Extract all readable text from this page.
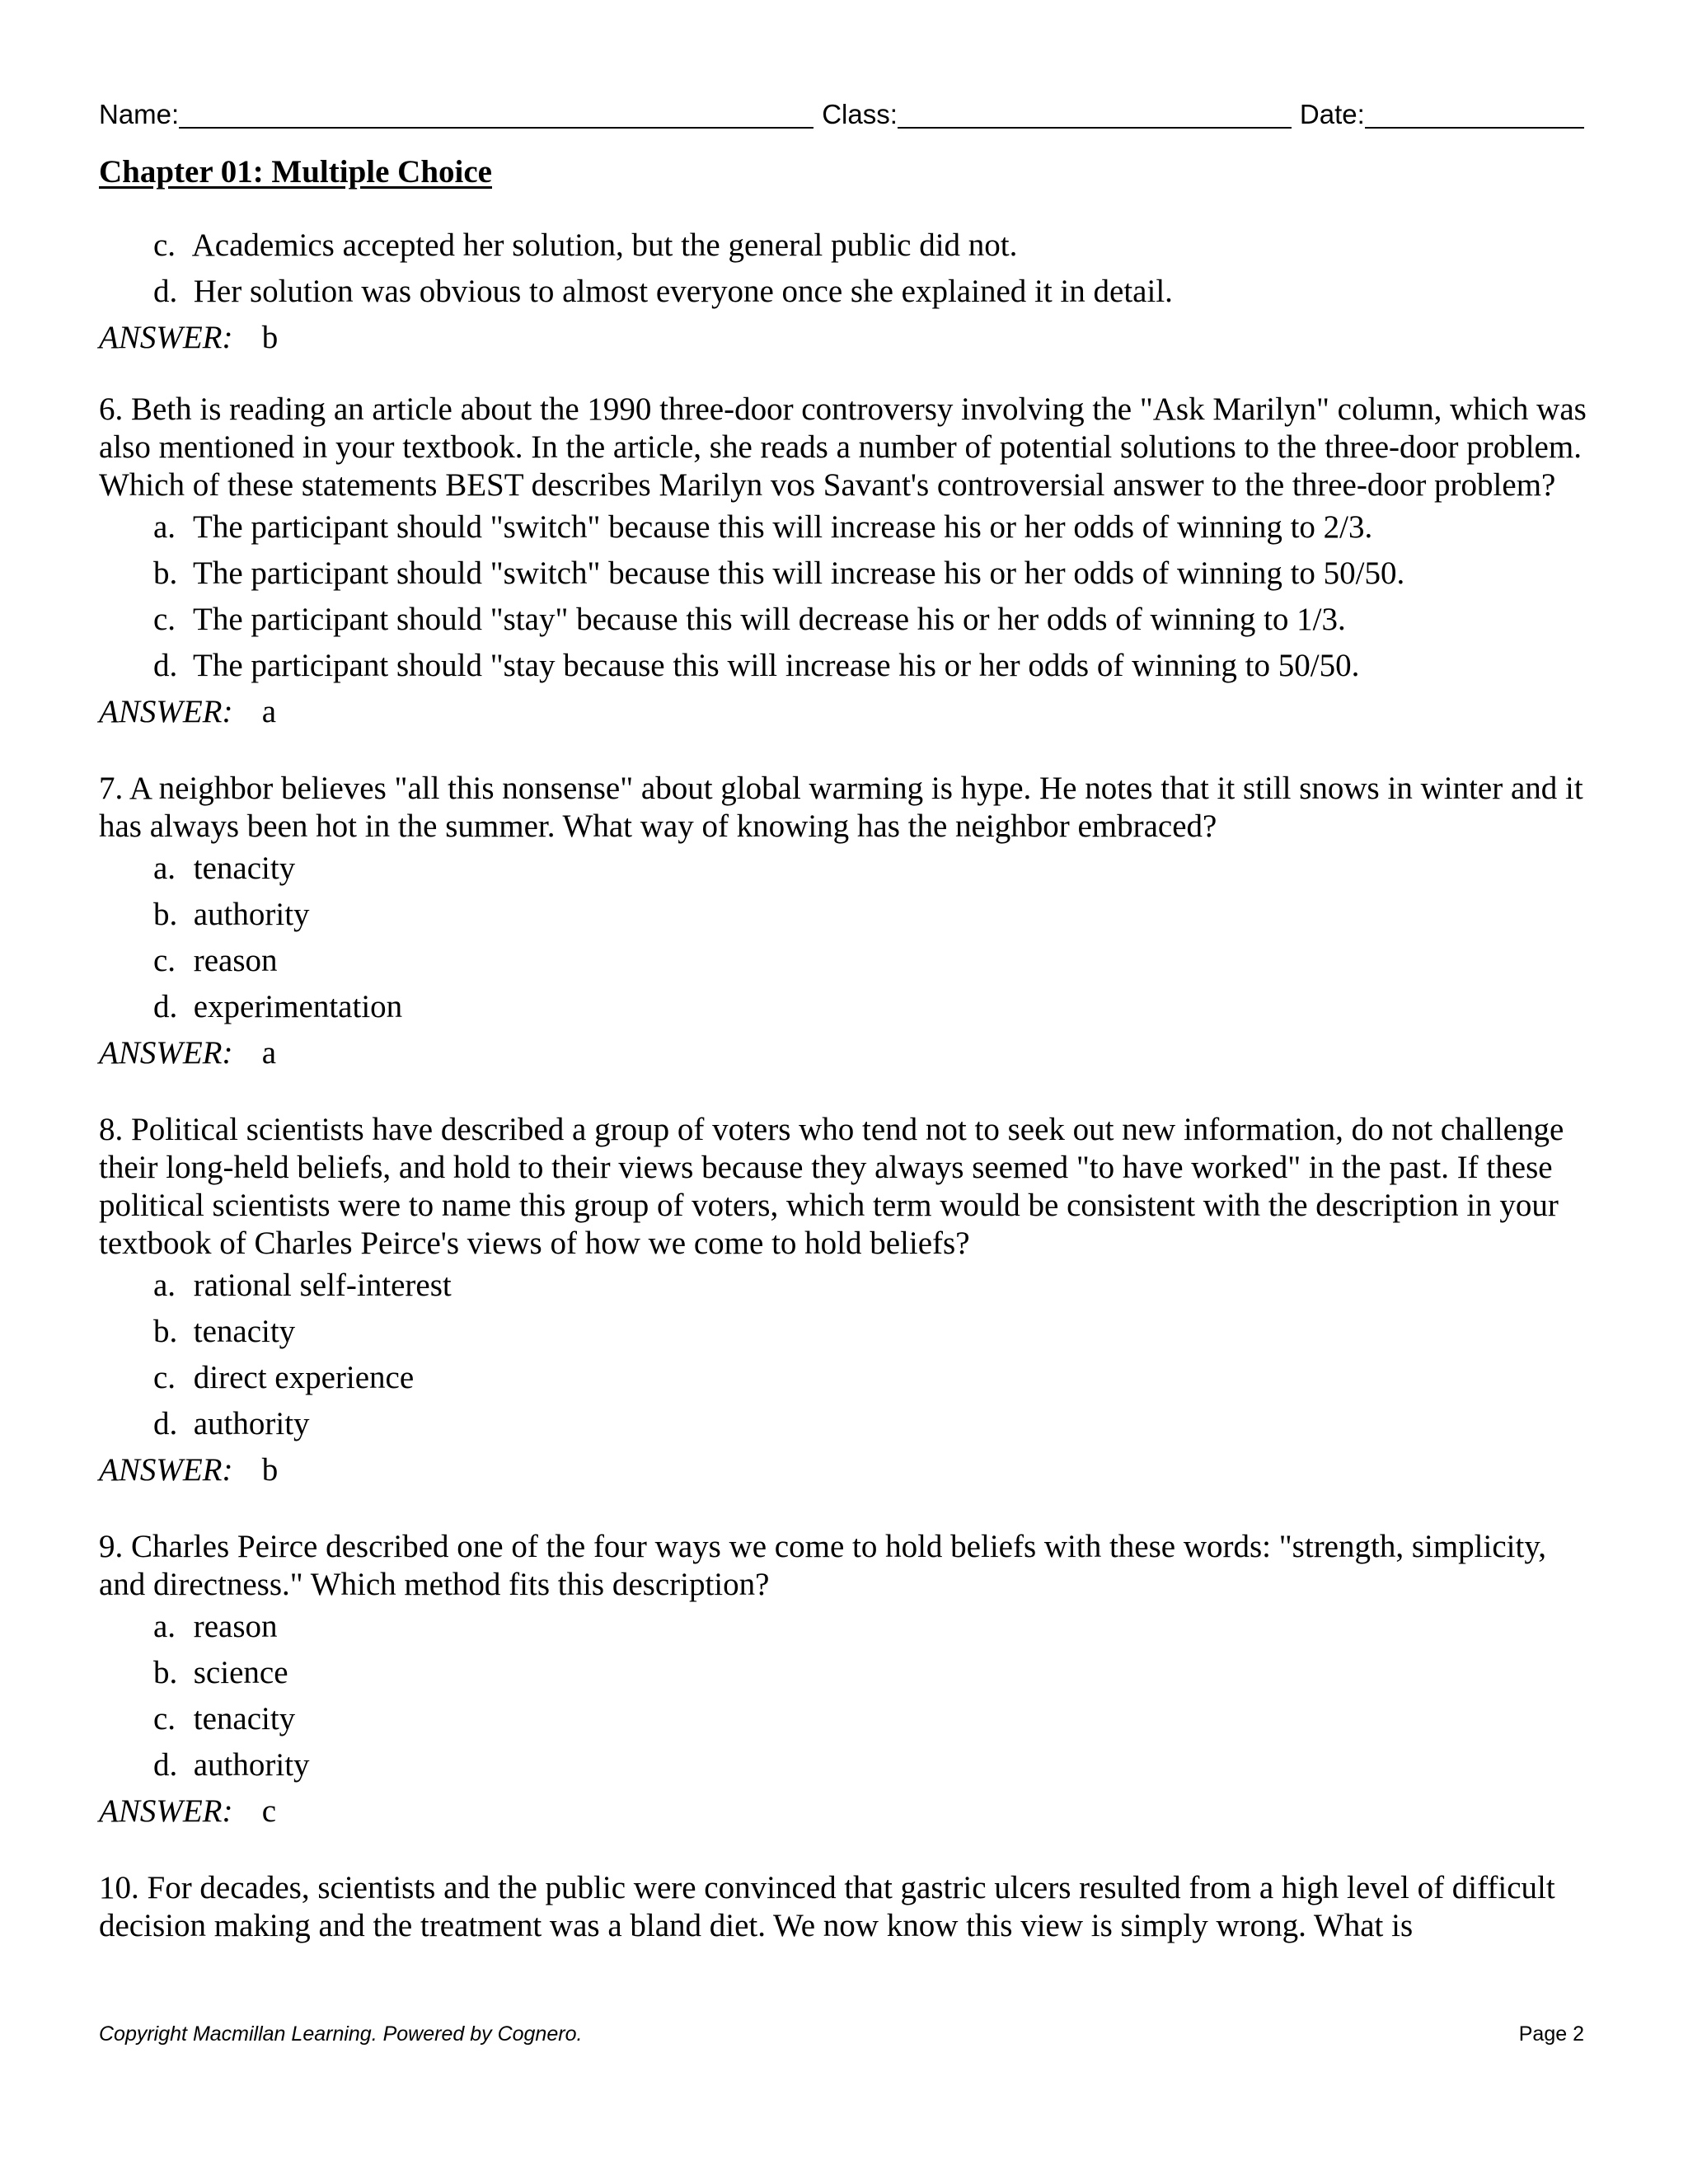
Name:	Class:	Date:
Chapter 01: Multiple Choice
c. Academics accepted her solution, but the general public did not.
d. Her solution was obvious to almost everyone once she explained it in detail.
ANSWER: b

6. Beth is reading an article about the 1990 three-door controversy involving the "Ask Marilyn" column, which was also mentioned in your textbook. In the article, she reads a number of potential solutions to the three-door problem. Which of these statements BEST describes Marilyn vos Savant's controversial answer to the three-door problem?

a. The participant should "switch" because this will increase his or her odds of winning to 2/3.
b. The participant should "switch" because this will increase his or her odds of winning to 50/50.
c. The participant should "stay" because this will decrease his or her odds of winning to 1/3.
d. The participant should "stay because this will increase his or her odds of winning to 50/50.
ANSWER: a

7. A neighbor believes "all this nonsense" about global warming is hype. He notes that it still snows in winter and it has always been hot in the summer. What way of knowing has the neighbor embraced?

a. tenacity
b. authority
c. reason
d. experimentation
ANSWER: a

8. Political scientists have described a group of voters who tend not to seek out new information, do not challenge their long-held beliefs, and hold to their views because they always seemed "to have worked" in the past. If these political scientists were to name this group of voters, which term would be consistent with the description in your textbook of Charles Peirce's views of how we come to hold beliefs?

a. rational self-interest
b. tenacity
c. direct experience
d. authority
ANSWER: b

9. Charles Peirce described one of the four ways we come to hold beliefs with these words: "strength, simplicity, and directness." Which method fits this description?

a. reason
b. science
c. tenacity
d. authority
ANSWER: c

10. For decades, scientists and the public were convinced that gastric ulcers resulted from a high level of difficult decision making and the treatment was a bland diet. We now know this view is simply wrong. What is

Copyright Macmillan Learning. Powered by Cognero.	Page 2
